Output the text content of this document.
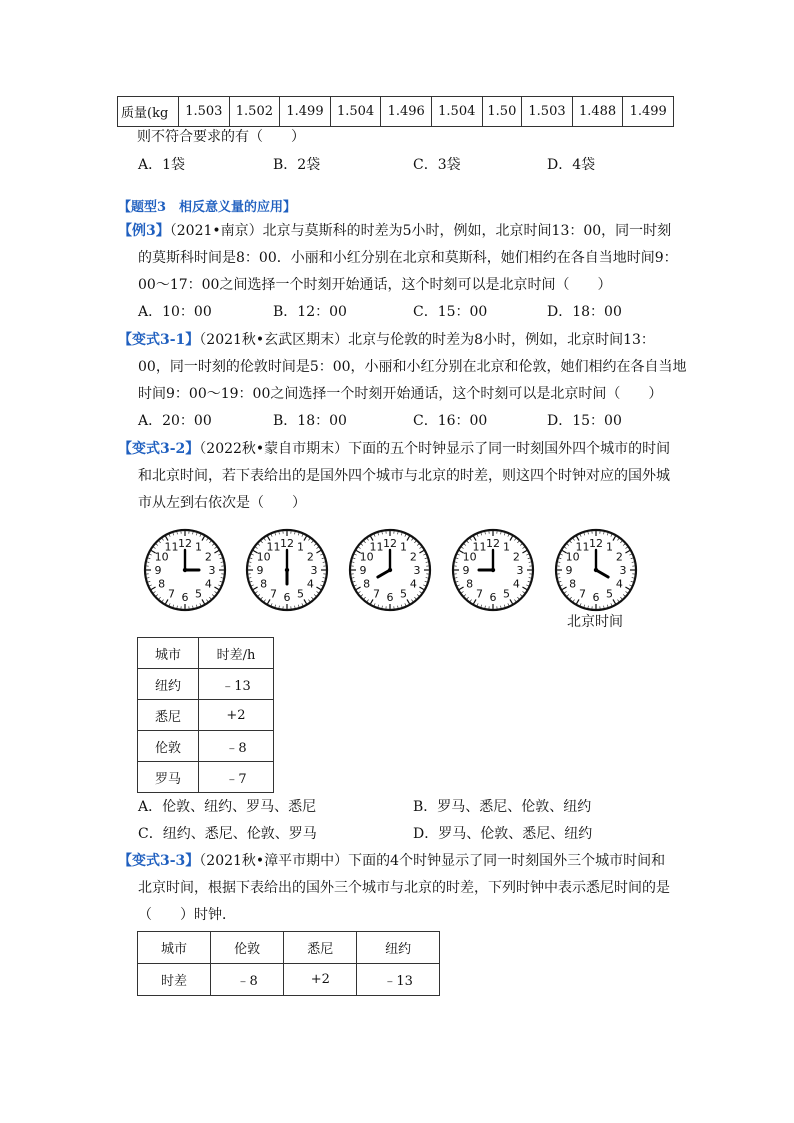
质量(kg	1.503	1.502	1.499	1.504	1.496	1.504	1.50	1.503	1.488	1.499
则不符合要求的有（　　）
A．1袋	B．2袋	C．3袋	D．4袋
【题型3　相反意义量的应用】
【例3】（2021•南京）北京与莫斯科的时差为5小时，例如，北京时间13：00，同一时刻
的莫斯科时间是8：00．小丽和小红分别在北京和莫斯科，她们相约在各自当地时间9：
00～17：00之间选择一个时刻开始通话，这个时刻可以是北京时间（　　）
A．10：00	B．12：00	C．15：00	D．18：00
【变式3-1】（2021秋•玄武区期末）北京与伦敦的时差为8小时，例如，北京时间13：
00，同一时刻的伦敦时间是5：00，小丽和小红分别在北京和伦敦，她们相约在各自当地
时间9：00～19：00之间选择一个时刻开始通话，这个时刻可以是北京时间（　　）
A．20：00	B．18：00	C．16：00	D．15：00
【变式3-2】（2022秋•蒙自市期末）下面的五个时钟显示了同一时刻国外四个城市的时间
和北京时间，若下表给出的是国外四个城市与北京的时差，则这四个时钟对应的国外城
市从左到右依次是（　　）
1
2
3
4
5
6
7
8
9
10
11 12	1
2
3
4
5
6
7
8
9
10
11 12	1
2
3
4
5
6
7
8
9
10
11 12	1
2
3
4
5
6
7
8
9
10
11 12	1
2
3
4
5
6
7
8
9
10
11 12
北京时间
城市	时差/h
纽约	﹣13
悉尼	+2
伦敦	﹣8
罗马	﹣7
A．伦敦、纽约、罗马、悉尼	B．罗马、悉尼、伦敦、纽约
C．纽约、悉尼、伦敦、罗马	D．罗马、伦敦、悉尼、纽约
【变式3-3】（2021秋•漳平市期中）下面的4个时钟显示了同一时刻国外三个城市时间和
北京时间，根据下表给出的国外三个城市与北京的时差，下列时钟中表示悉尼时间的是
（　　）时钟．
城市	伦敦	悉尼	纽约
时差	﹣8	+2	﹣13
